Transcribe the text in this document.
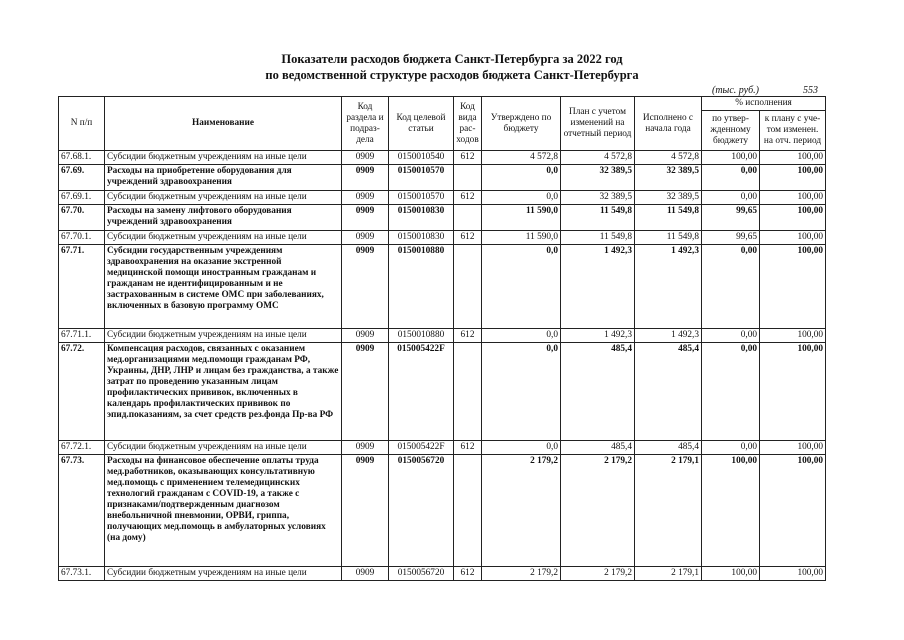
Показатели расходов бюджета Санкт-Петербурга за 2022 год
по ведомственной структуре расходов бюджета Санкт-Петербурга
(тыс. руб.)	553
N п/п	Наименование	Код раздела и подраз-дела	Код целевой статьи	Код вида рас-ходов	Утверждено по бюджету	План с учетом изменений на отчетный период	Исполнено с начала года	% исполнения	
								по утвер-жденному бюджету	к плану с уче-том изменен. на отч. период
67.68.1.	Субсидии бюджетным учреждениям на иные цели	0909	0150010540	612	4 572,8	4 572,8	4 572,8	100,00	100,00
67.69.	Расходы на приобретение оборудования для учреждений здравоохранения	0909	0150010570		0,0	32 389,5	32 389,5	0,00	100,00
67.69.1.	Субсидии бюджетным учреждениям на иные цели	0909	0150010570	612	0,0	32 389,5	32 389,5	0,00	100,00
67.70.	Расходы на замену лифтового оборудования учреждений здравоохранения	0909	0150010830		11 590,0	11 549,8	11 549,8	99,65	100,00
67.70.1.	Субсидии бюджетным учреждениям на иные цели	0909	0150010830	612	11 590,0	11 549,8	11 549,8	99,65	100,00
67.71.	Субсидии государственным учреждениям здравоохранения на оказание экстренной медицинской помощи иностранным гражданам и гражданам не идентифицированным и не застрахованным в системе ОМС при заболеваниях, включенных в базовую программу ОМС	0909	0150010880		0,0	1 492,3	1 492,3	0,00	100,00
67.71.1.	Субсидии бюджетным учреждениям на иные цели	0909	0150010880	612	0,0	1 492,3	1 492,3	0,00	100,00
67.72.	Компенсация расходов, связанных с оказанием мед.организациями мед.помощи гражданам РФ, Украины, ДНР, ЛНР и лицам без гражданства, а также затрат по проведению указанным лицам профилактических прививок, включенных в календарь профилактических прививок по эпид.показаниям, за счет средств рез.фонда Пр-ва РФ	0909	015005422F		0,0	485,4	485,4	0,00	100,00
67.72.1.	Субсидии бюджетным учреждениям на иные цели	0909	015005422F	612	0,0	485,4	485,4	0,00	100,00
67.73.	Расходы на финансовое обеспечение оплаты труда мед.работников, оказывающих консультативную мед.помощь с применением телемедицинских технологий гражданам с COVID-19, а также с признаками/подтвержденным диагнозом внебольничной пневмонии, ОРВИ, гриппа, получающих мед.помощь в амбулаторных условиях (на дому)	0909	0150056720		2 179,2	2 179,2	2 179,1	100,00	100,00
67.73.1.	Субсидии бюджетным учреждениям на иные цели	0909	0150056720	612	2 179,2	2 179,2	2 179,1	100,00	100,00
